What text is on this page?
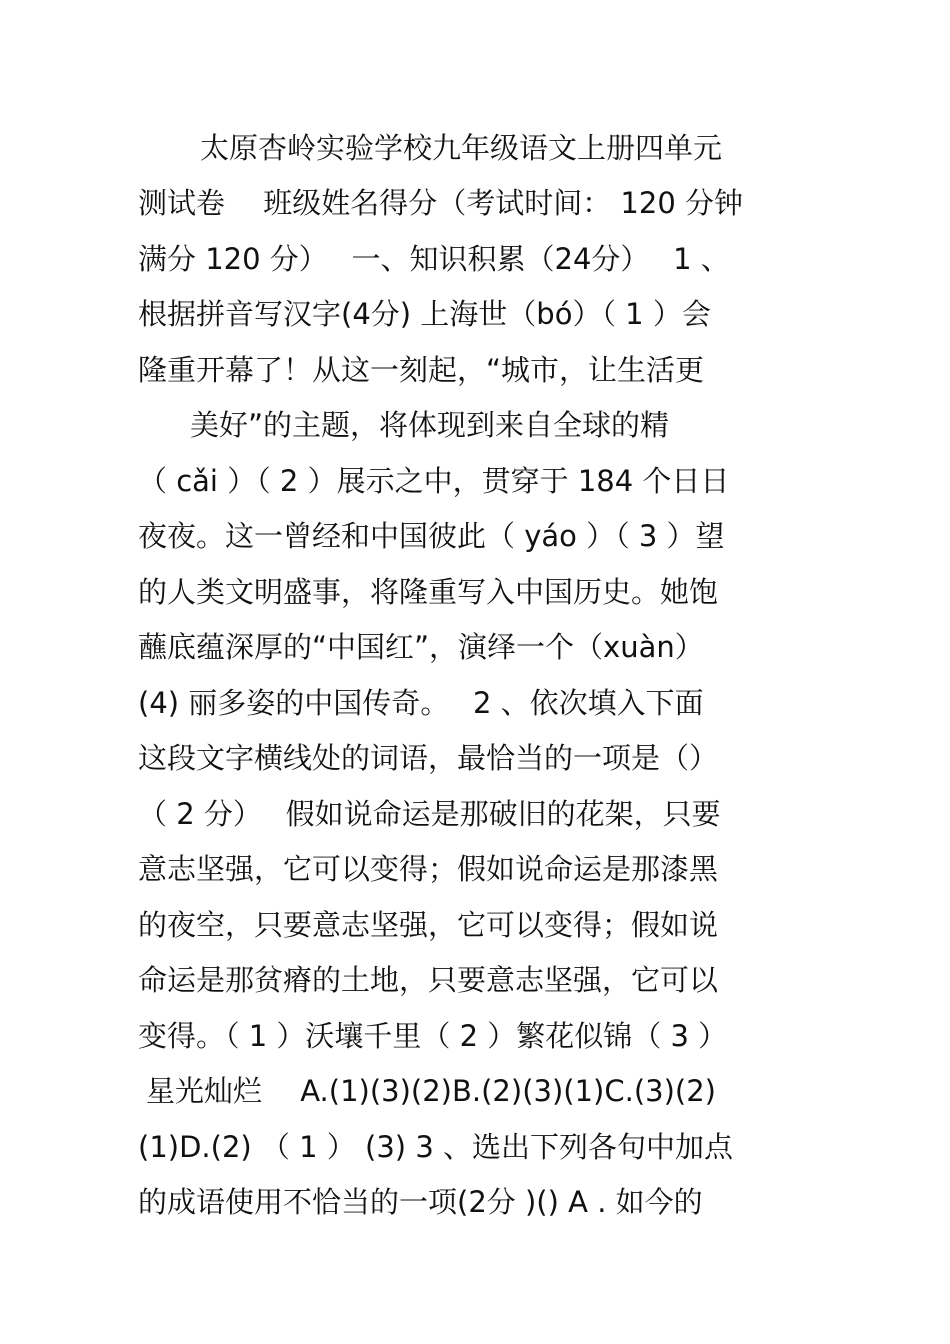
太原杏岭实验学校九年级语文上册四单元
测试卷　 班级姓名得分（考试时间： 120 分钟
满分 120 分）　 一、知识积累（24分）　 1 、
根据拼音写汉字(4分) 上海世（bó）（ 1 ）会
隆重开幕了！从这一刻起，“城市，让生活更
美好”的主题，将体现到来自全球的精
（ cǎi ）（ 2 ）展示之中，贯穿于 184 个日日
夜夜。这一曾经和中国彼此（ yáo ）（ 3 ）望
的人类文明盛事，将隆重写入中国历史。她饱
蘸底蕴深厚的“中国红”，演绎一个（xuàn）
(4) 丽多姿的中国传奇。　 2 、依次填入下面
这段文字横线处的词语，最恰当的一项是（）
（ 2 分）　 假如说命运是那破旧的花架，只要
意志坚强，它可以变得；假如说命运是那漆黑
的夜空，只要意志坚强，它可以变得；假如说
命运是那贫瘠的土地，只要意志坚强，它可以
变得。（ 1 ）沃壤千里（ 2 ）繁花似锦（ 3 ）
星光灿烂　 A.(1)(3)(2)B.(2)(3)(1)C.(3)(2)
(1)D.(2) （ 1 ） (3) 3 、选出下列各句中加点
的成语使用不恰当的一项(2分 )() A . 如今的
